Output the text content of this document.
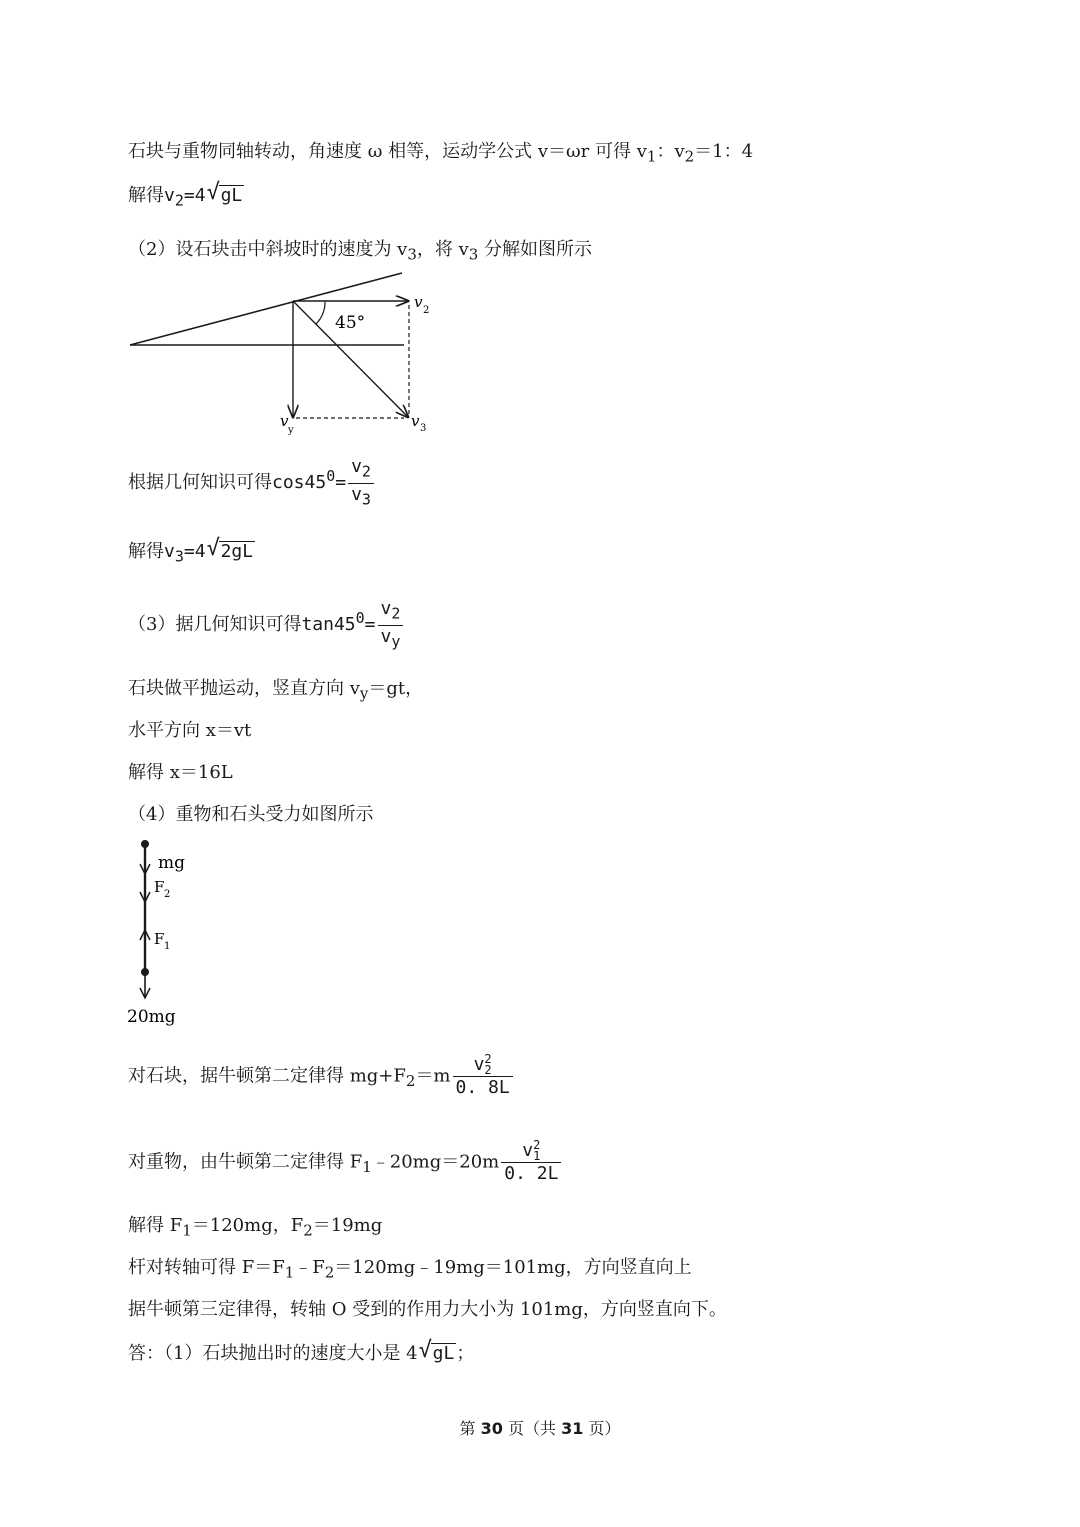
石块与重物同轴转动，角速度 ω 相等，运动学公式 v＝ωr 可得 $v_1$：$v_2=1$：4
解得$v_2=4$ √ gL
（2）设石块击中斜坡时的速度为 $v_3$，将 $v_3$ 分解如图所示
45°
v 2
v
y
v 3
根据几何知识可得$\cos 45^0= \frac{v_2}{v_3}$
解得$v_3=4$ √ 2gL
（3）据几何知识可得$\tan 45^0= \frac{v_2}{v_y}$
石块做平抛运动，竖直方向 $v_y=gt$，
水平方向 x＝vt
解得 x＝16L
（4）重物和石头受力如图所示
mg
F 2
F 1
20mg
对石块，据牛顿第二定律得 $mg+F_2=m$ v 2
2
0. 8L
对重物，由牛顿第二定律得 $F_1﹣20mg=20m$ v 2
1
0. 2L
解得 $F_1=120mg$，$F_2=19mg$
杆对转轴可得 $F=F_1﹣F_2=120mg﹣19mg=101mg$，方向竖直向上
据牛顿第三定律得，转轴 O 受到的作用力大小为 101mg，方向竖直向下。
答：（1）石块抛出时的速度大小是 4 √ gL ；
第 30 页（共 31 页）
